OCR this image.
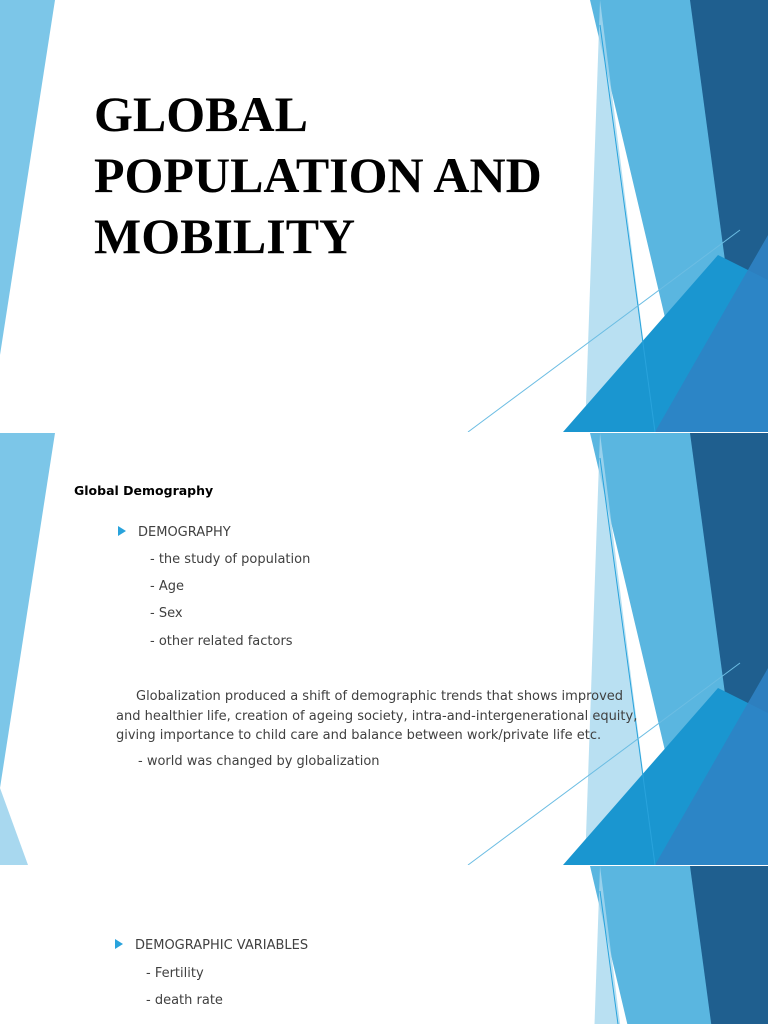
GLOBAL
POPULATION AND
MOBILITY
Global Demography
DEMOGRAPHY
- the study of population
- Age
- Sex
- other related factors

Globalization produced a shift of demographic trends that shows improved and healthier life, creation of ageing society, intra-and-intergenerational equity, giving importance to child care and balance between work/private life etc.

- world was changed by globalization
DEMOGRAPHIC VARIABLES
- Fertility
- death rate
